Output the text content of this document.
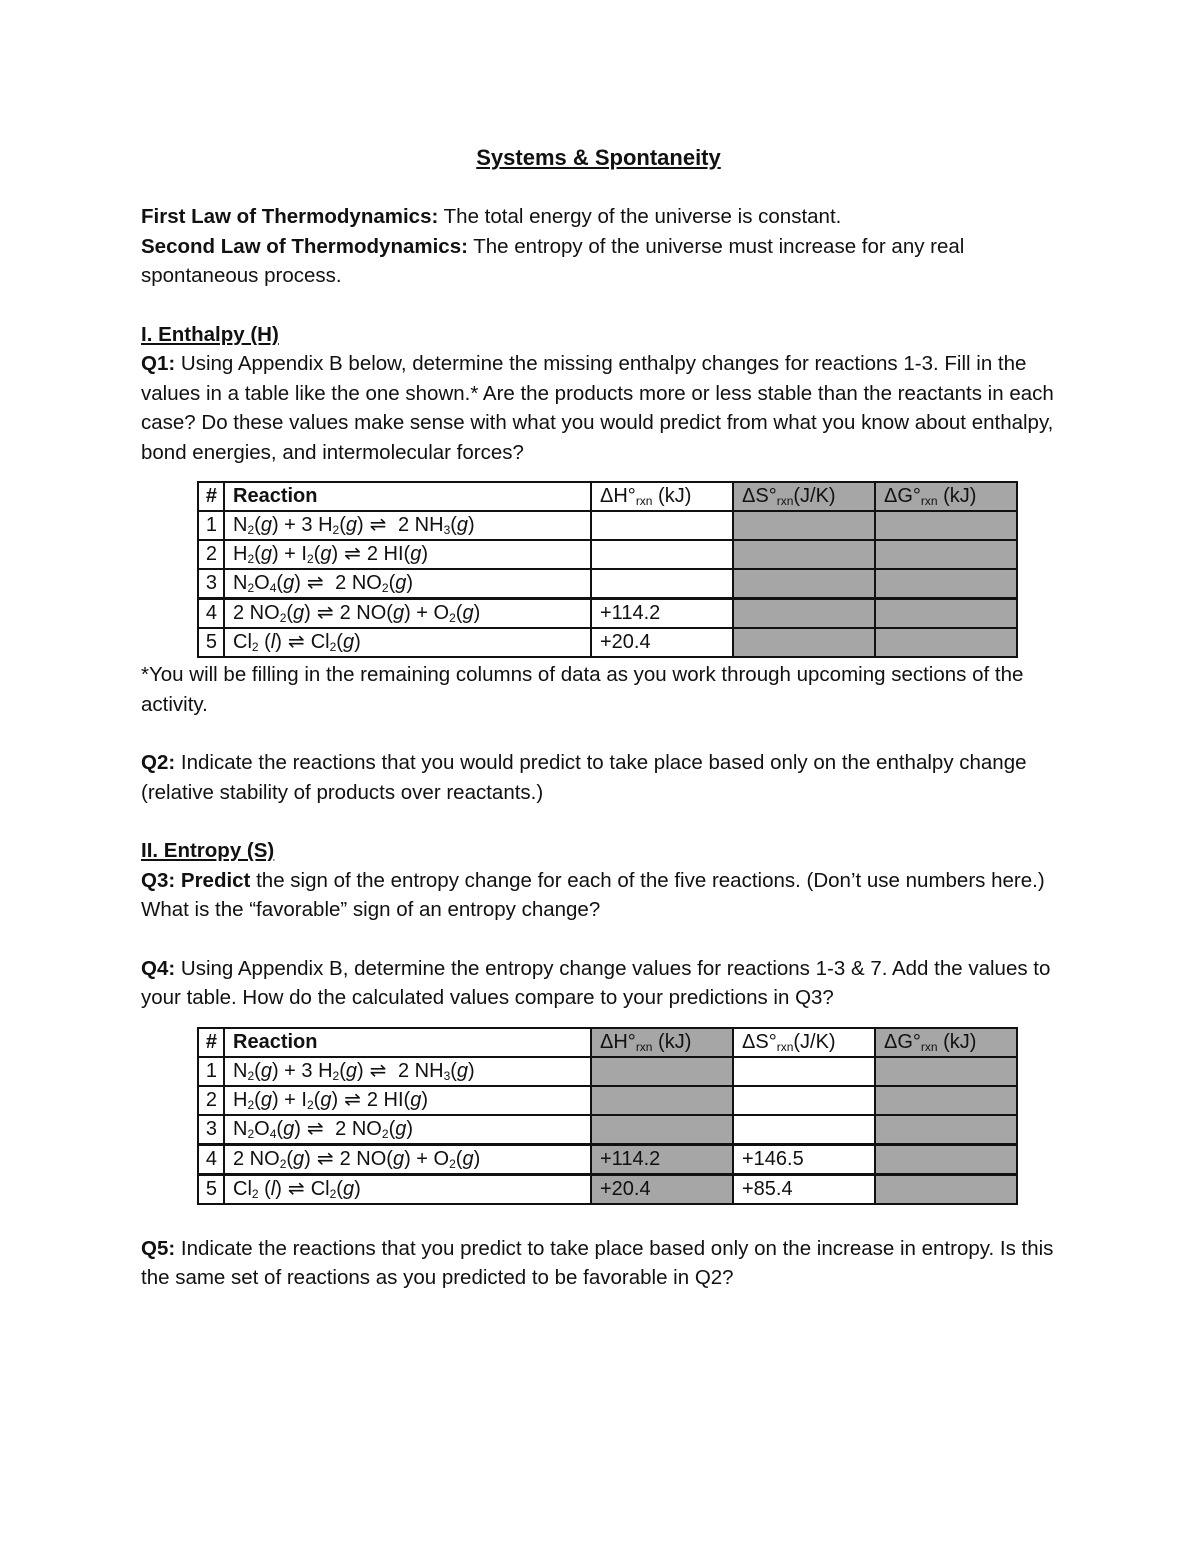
Systems & Spontaneity

First Law of Thermodynamics: The total energy of the universe is constant.

Second Law of Thermodynamics: The entropy of the universe must increase for any real spontaneous process.

I. Enthalpy (H)

Q1: Using Appendix B below, determine the missing enthalpy changes for reactions 1-3. Fill in the values in a table like the one shown.* Are the products more or less stable than the reactants in each case? Do these values make sense with what you would predict from what you know about enthalpy, bond energies, and intermolecular forces?

#	Reaction	$\Delta H^\circ_{rxn}$ (kJ)	$\Delta S^\circ_{rxn}(J/K)$	$\Delta G^\circ_{rxn}$ (kJ)
1	$N_2(g) + 3$ $H_2(g)$ ⇌ 2 $NH_3(g)$			
2	$H_2(g) + I_2(g)$ ⇌ 2 HI(g)			
3	$N_2O_4(g)$ ⇌ 2 $NO_2(g)$			
4	2 $NO_2(g)$ ⇌ 2 $NO(g) + O_2(g)$	+114.2		
5	$Cl_2$ (l) ⇌ $Cl_2(g)$	+20.4		

*You will be filling in the remaining columns of data as you work through upcoming sections of the activity.

Q2: Indicate the reactions that you would predict to take place based only on the enthalpy change (relative stability of products over reactants.)

II. Entropy (S)

Q3: Predict the sign of the entropy change for each of the five reactions. (Don’t use numbers here.) What is the “favorable” sign of an entropy change?

Q4: Using Appendix B, determine the entropy change values for reactions 1-3 & 7. Add the values to your table. How do the calculated values compare to your predictions in Q3?

#	Reaction	$\Delta H^\circ_{rxn}$ (kJ)	$\Delta S^\circ_{rxn}(J/K)$	$\Delta G^\circ_{rxn}$ (kJ)
1	$N_2(g) + 3$ $H_2(g)$ ⇌ 2 $NH_3(g)$			
2	$H_2(g) + I_2(g)$ ⇌ 2 HI(g)			
3	$N_2O_4(g)$ ⇌ 2 $NO_2(g)$			
4	2 $NO_2(g)$ ⇌ 2 $NO(g) + O_2(g)$	+114.2	+146.5	
5	$Cl_2$ (l) ⇌ $Cl_2(g)$	+20.4	+85.4	

Q5: Indicate the reactions that you predict to take place based only on the increase in entropy. Is this the same set of reactions as you predicted to be favorable in Q2?
